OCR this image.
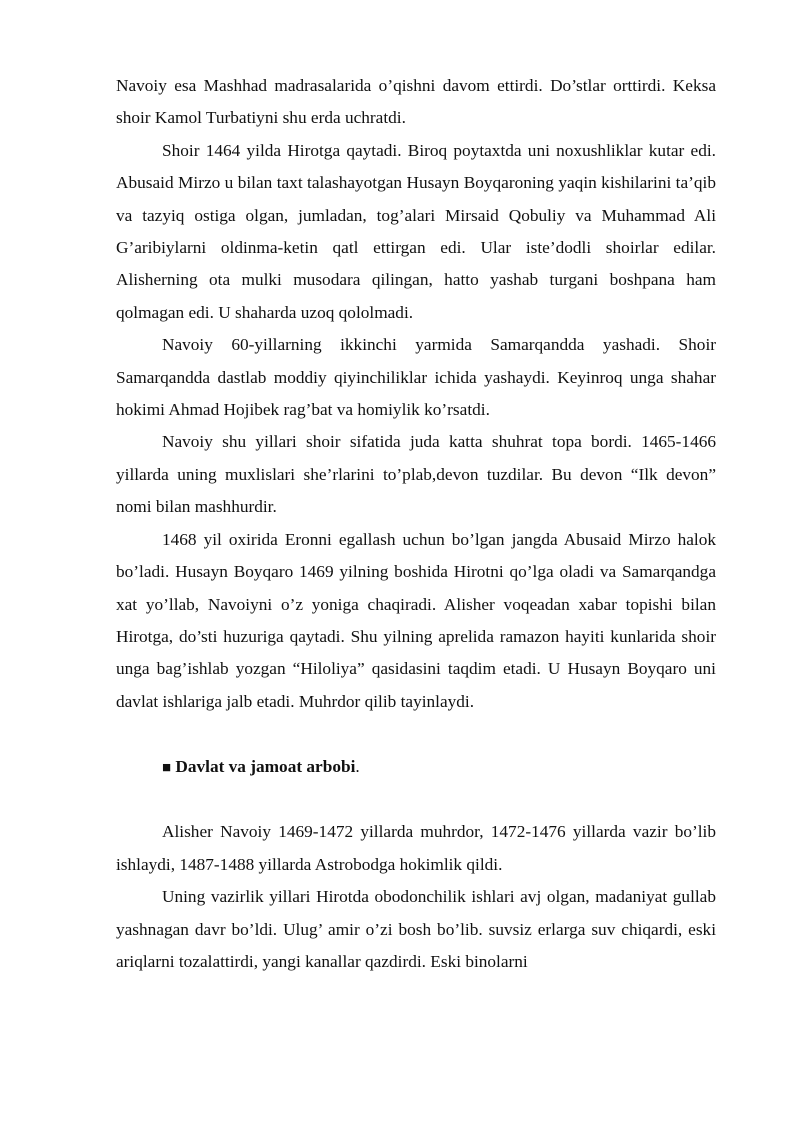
Navoiy esa Mashhad madrasalarida o’qishni davom ettirdi. Do’stlar orttirdi. Keksa shoir Kamol Turbatiyni shu erda uchratdi.

Shoir 1464 yilda Hirotga qaytadi. Biroq poytaxtda uni noxushliklar kutar edi. Abusaid Mirzo u bilan taxt talashayotgan Husayn Boyqaroning yaqin kishilarini ta’qib va tazyiq ostiga olgan, jumladan, tog’alari Mirsaid Qobuliy va Muhammad Ali G’aribiylarni oldinma-ketin qatl ettirgan edi. Ular iste’dodli shoirlar edilar. Alisherning ota mulki musodara qilingan, hatto yashab turgani boshpana ham qolmagan edi. U shaharda uzoq qololmadi.

Navoiy 60-yillarning ikkinchi yarmida Samarqandda yashadi. Shoir Samarqandda dastlab moddiy qiyinchiliklar ichida yashaydi. Keyinroq unga shahar hokimi Ahmad Hojibek rag’bat va homiylik ko’rsatdi.

Navoiy shu yillari shoir sifatida juda katta shuhrat topa bordi. 1465-1466 yillarda uning muxlislari she’rlarini to’plab,devon tuzdilar. Bu devon “Ilk devon” nomi bilan mashhurdir.

1468 yil oxirida Eronni egallash uchun bo’lgan jangda Abusaid Mirzo halok bo’ladi. Husayn Boyqaro 1469 yilning boshida Hirotni qo’lga oladi va Samarqandga xat yo’llab, Navoiyni o’z yoniga chaqiradi. Alisher voqeadan xabar topishi bilan Hirotga, do’sti huzuriga qaytadi. Shu yilning aprelida ramazon hayiti kunlarida shoir unga bag’ishlab yozgan “Hiloliya” qasidasini taqdim etadi. U Husayn Boyqaro uni davlat ishlariga jalb etadi. Muhrdor qilib tayinlaydi.

■ Davlat va jamoat arbobi.

Alisher Navoiy 1469-1472 yillarda muhrdor, 1472-1476 yillarda vazir bo’lib ishlaydi, 1487-1488 yillarda Astrobodga hokimlik qildi.

Uning vazirlik yillari Hirotda obodonchilik ishlari avj olgan, madaniyat gullab yashnagan davr bo’ldi. Ulug’ amir o’zi bosh bo’lib. suvsiz erlarga suv chiqardi, eski ariqlarni tozalattirdi, yangi kanallar qazdirdi. Eski binolarni
